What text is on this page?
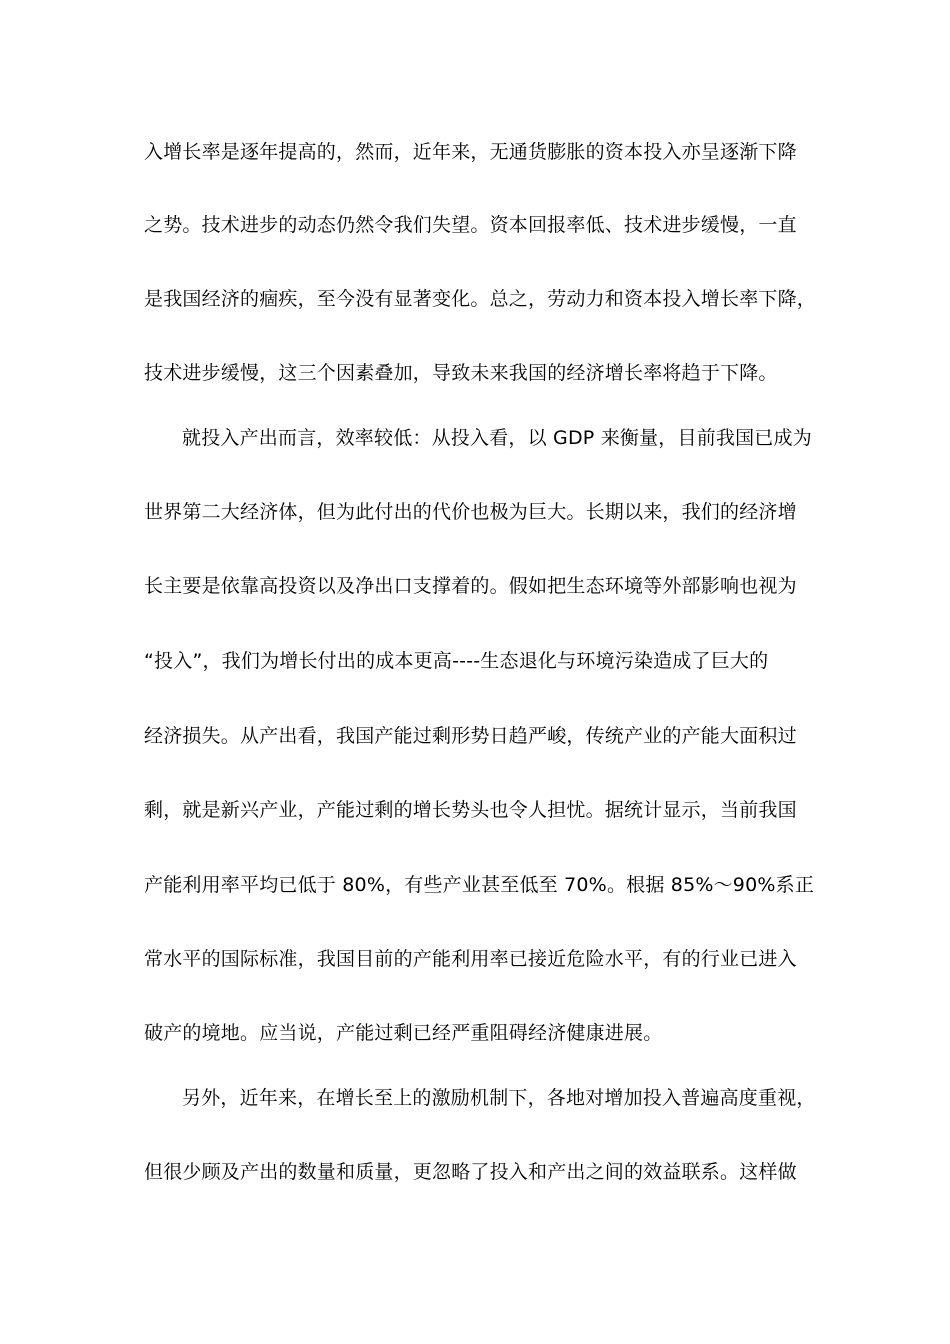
入增长率是逐年提高的，然而，近年来，无通货膨胀的资本投入亦呈逐渐下降
之势。技术进步的动态仍然令我们失望。资本回报率低、技术进步缓慢，一直
是我国经济的痼疾，至今没有显著变化。总之，劳动力和资本投入增长率下降，
技术进步缓慢，这三个因素叠加，导致未来我国的经济增长率将趋于下降。
就投入产出而言，效率较低：从投入看，以 GDP 来衡量，目前我国已成为
世界第二大经济体，但为此付出的代价也极为巨大。长期以来，我们的经济增
长主要是依靠高投资以及净出口支撑着的。假如把生态环境等外部影响也视为
“投入”，我们为增长付出的成本更高----生态退化与环境污染造成了巨大的
经济损失。从产出看，我国产能过剩形势日趋严峻，传统产业的产能大面积过
剩，就是新兴产业，产能过剩的增长势头也令人担忧。据统计显示，当前我国
产能利用率平均已低于 80%，有些产业甚至低至 70%。根据 85%～90%系正
常水平的国际标准，我国目前的产能利用率已接近危险水平，有的行业已进入
破产的境地。应当说，产能过剩已经严重阻碍经济健康进展。
另外，近年来，在增长至上的激励机制下，各地对增加投入普遍高度重视，
但很少顾及产出的数量和质量，更忽略了投入和产出之间的效益联系。这样做
